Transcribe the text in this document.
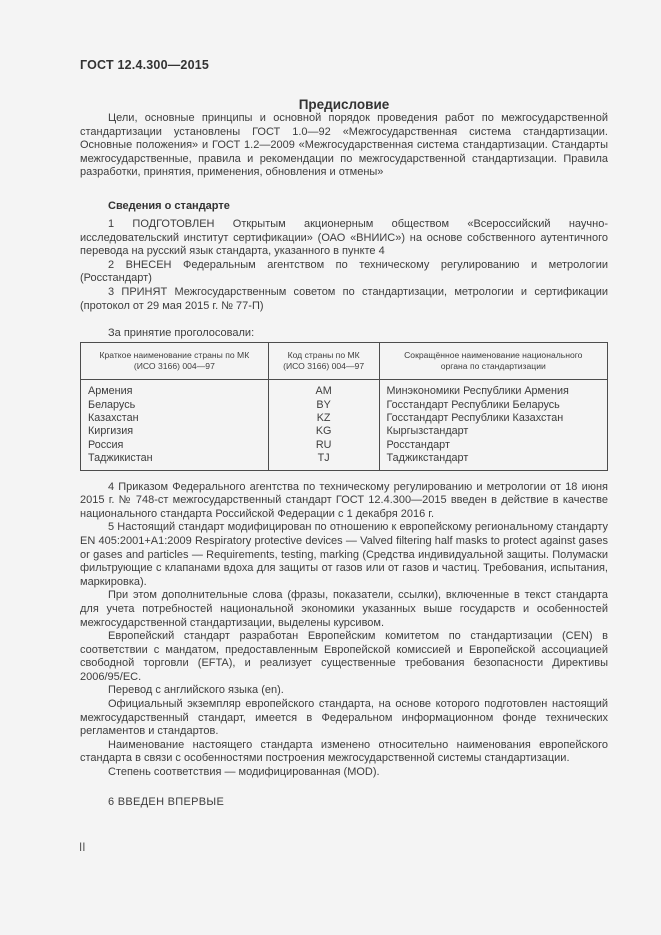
ГОСТ 12.4.300—2015
Предисловие

Цели, основные принципы и основной порядок проведения работ по межгосударственной стандартизации установлены ГОСТ 1.0—92 «Межгосударственная система стандартизации. Основные положения» и ГОСТ 1.2—2009 «Межгосударственная система стандартизации. Стандарты межгосударственные, правила и рекомендации по межгосударственной стандартизации. Правила разработки, принятия, применения, обновления и отмены»

Сведения о стандарте

1 ПОДГОТОВЛЕН Открытым акционерным обществом «Всероссийский научно-исследовательский институт сертификации» (ОАО «ВНИИС») на основе собственного аутентичного перевода на русский язык стандарта, указанного в пункте 4

2 ВНЕСЕН Федеральным агентством по техническому регулированию и метрологии (Росстандарт)

3 ПРИНЯТ Межгосударственным советом по стандартизации, метрологии и сертификации (протокол от 29 мая 2015 г. № 77-П)

За принятие проголосовали:

Краткое наименование страны по МК (ИСО 3166) 004—97	Код страны по МК (ИСО 3166) 004—97	Сокращённое наименование национального органа по стандартизации
Армения	AM	Минэкономики Республики Армения
Беларусь	BY	Госстандарт Республики Беларусь
Казахстан	KZ	Госстандарт Республики Казахстан
Киргизия	KG	Кыргызстандарт
Россия	RU	Росстандарт
Таджикистан	TJ	Таджикстандарт

4 Приказом Федерального агентства по техническому регулированию и метрологии от 18 июня 2015 г. № 748-ст межгосударственный стандарт ГОСТ 12.4.300—2015 введен в действие в качестве национального стандарта Российской Федерации с 1 декабря 2016 г.

5 Настоящий стандарт модифицирован по отношению к европейскому региональному стандарту EN 405:2001+A1:2009 Respiratory protective devices — Valved filtering half masks to protect against gases or gases and particles — Requirements, testing, marking (Средства индивидуальной защиты. Полумаски фильтрующие с клапанами вдоха для защиты от газов или от газов и частиц. Требования, испытания, маркировка).

При этом дополнительные слова (фразы, показатели, ссылки), включенные в текст стандарта для учета потребностей национальной экономики указанных выше государств и особенностей межгосударственной стандартизации, выделены курсивом.

Европейский стандарт разработан Европейским комитетом по стандартизации (CEN) в соответствии с мандатом, предоставленным Европейской комиссией и Европейской ассоциацией свободной торговли (EFTA), и реализует существенные требования безопасности Директивы 2006/95/EC.

Перевод с английского языка (en).

Официальный экземпляр европейского стандарта, на основе которого подготовлен настоящий межгосударственный стандарт, имеется в Федеральном информационном фонде технических регламентов и стандартов.

Наименование настоящего стандарта изменено относительно наименования европейского стандарта в связи с особенностями построения межгосударственной системы стандартизации.

Степень соответствия — модифицированная (MOD).

6 ВВЕДЕН ВПЕРВЫЕ

II
